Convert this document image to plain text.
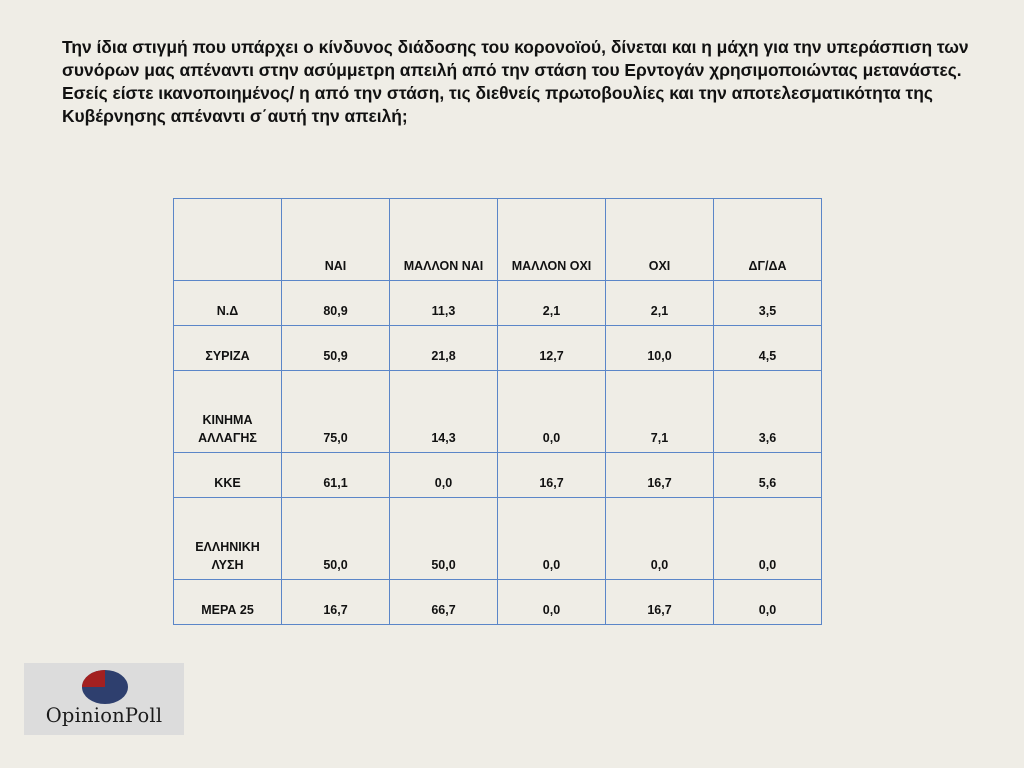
Την ίδια στιγμή που υπάρχει ο κίνδυνος διάδοσης του κορονοϊού, δίνεται και η μάχη για την υπεράσπιση των συνόρων μας απέναντι στην ασύμμετρη απειλή από την στάση του Ερντογάν χρησιμοποιώντας μετανάστες. Εσείς είστε ικανοποιημένος/ η από την στάση, τις διεθνείς πρωτοβουλίες και την αποτελεσματικότητα της Κυβέρνησης απέναντι σ΄αυτή την απειλή;

	ΝΑΙ	ΜΑΛΛΟΝ ΝΑΙ	ΜΑΛΛΟΝ ΟΧΙ	ΟΧΙ	ΔΓ/ΔΑ
Ν.Δ	80,9	11,3	2,1	2,1	3,5
ΣΥΡΙΖΑ	50,9	21,8	12,7	10,0	4,5
ΚΙΝΗΜΑ ΑΛΛΑΓΗΣ	75,0	14,3	0,0	7,1	3,6
ΚΚΕ	61,1	0,0	16,7	16,7	5,6
ΕΛΛΗΝΙΚΗ ΛΥΣΗ	50,0	50,0	0,0	0,0	0,0
ΜΕΡΑ 25	16,7	66,7	0,0	16,7	0,0
OpinionPoll
